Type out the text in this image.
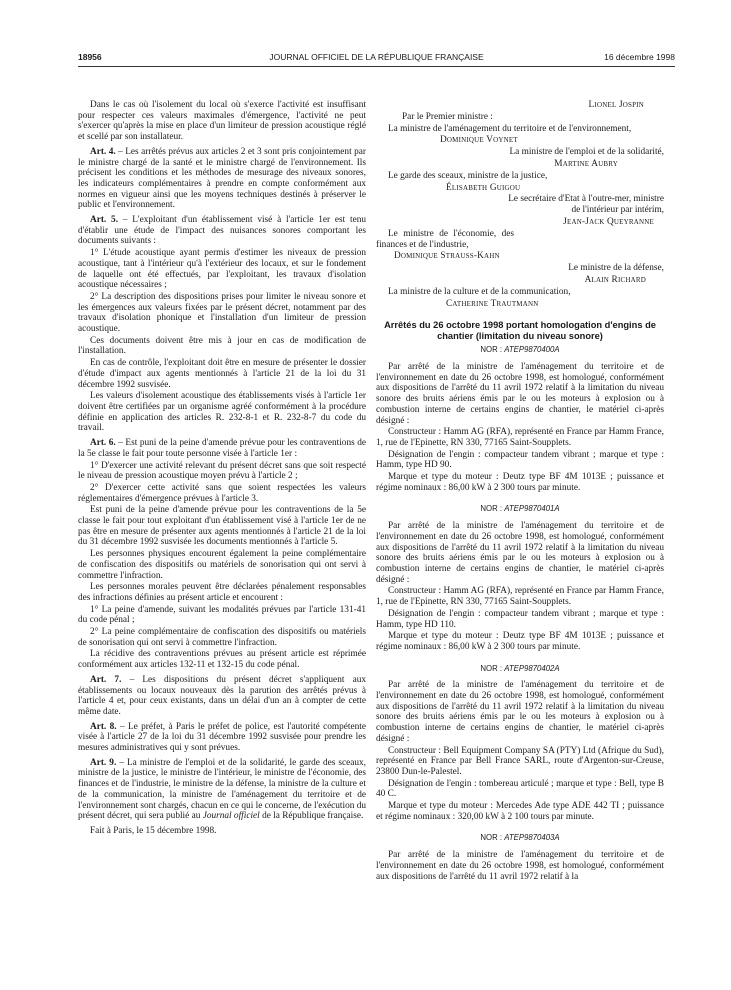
18956	JOURNAL OFFICIEL DE LA RÉPUBLIQUE FRANÇAISE	16 décembre 1998

Dans le cas où l'isolement du local où s'exerce l'activité est insuffisant pour respecter ces valeurs maximales d'émergence, l'activité ne peut s'exercer qu'après la mise en place d'un limiteur de pression acoustique réglé et scellé par son installateur.

Art. 4. – Les arrêtés prévus aux articles 2 et 3 sont pris conjointement par le ministre chargé de la santé et le ministre chargé de l'environnement. Ils précisent les conditions et les méthodes de mesurage des niveaux sonores, les indicateurs complémentaires à prendre en compte conformément aux normes en vigueur ainsi que les moyens techniques destinés à préserver le public et l'environnement.

Art. 5. – L'exploitant d'un établissement visé à l'article 1er est tenu d'établir une étude de l'impact des nuisances sonores comportant les documents suivants :

1° L'étude acoustique ayant permis d'estimer les niveaux de pression acoustique, tant à l'intérieur qu'à l'extérieur des locaux, et sur le fondement de laquelle ont été effectués, par l'exploitant, les travaux d'isolation acoustique nécessaires ;

2° La description des dispositions prises pour limiter le niveau sonore et les émergences aux valeurs fixées par le présent décret, notamment par des travaux d'isolation phonique et l'installation d'un limiteur de pression acoustique.

Ces documents doivent être mis à jour en cas de modification de l'installation.

En cas de contrôle, l'exploitant doit être en mesure de présenter le dossier d'étude d'impact aux agents mentionnés à l'article 21 de la loi du 31 décembre 1992 susvisée.

Les valeurs d'isolement acoustique des établissements visés à l'article 1er doivent être certifiées par un organisme agréé conformément à la procédure définie en application des articles R. 232-8-1 et R. 232-8-7 du code du travail.

Art. 6. – Est puni de la peine d'amende prévue pour les contraventions de la 5e classe le fait pour toute personne visée à l'article 1er :

1° D'exercer une activité relevant du présent décret sans que soit respecté le niveau de pression acoustique moyen prévu à l'article 2 ;

2° D'exercer cette activité sans que soient respectées les valeurs réglementaires d'émergence prévues à l'article 3.

Est puni de la peine d'amende prévue pour les contraventions de la 5e classe le fait pour tout exploitant d'un établissement visé à l'article 1er de ne pas être en mesure de présenter aux agents mentionnés à l'article 21 de la loi du 31 décembre 1992 susvisée les documents mentionnés à l'article 5.

Les personnes physiques encourent également la peine complémentaire de confiscation des dispositifs ou matériels de sonorisation qui ont servi à commettre l'infraction.

Les personnes morales peuvent être déclarées pénalement responsables des infractions définies au présent article et encourent :

1° La peine d'amende, suivant les modalités prévues par l'article 131-41 du code pénal ;

2° La peine complémentaire de confiscation des dispositifs ou matériels de sonorisation qui ont servi à commettre l'infraction.

La récidive des contraventions prévues au présent article est réprimée conformément aux articles 132-11 et 132-15 du code pénal.

Art. 7. – Les dispositions du présent décret s'appliquent aux établissements ou locaux nouveaux dès la parution des arrêtés prévus à l'article 4 et, pour ceux existants, dans un délai d'un an à compter de cette même date.

Art. 8. – Le préfet, à Paris le préfet de police, est l'autorité compétente visée à l'article 27 de la loi du 31 décembre 1992 susvisée pour prendre les mesures administratives qui y sont prévues.

Art. 9. – La ministre de l'emploi et de la solidarité, le garde des sceaux, ministre de la justice, le ministre de l'intérieur, le ministre de l'économie, des finances et de l'industrie, le ministre de la défense, la ministre de la culture et de la communication, la ministre de l'aménagement du territoire et de l'environnement sont chargés, chacun en ce qui le concerne, de l'exécution du présent décret, qui sera publié au Journal officiel de la République française.

Fait à Paris, le 15 décembre 1998.

Lionel Jospin

Par le Premier ministre :

La ministre de l'aménagement du territoire et de l'environnement,

Dominique Voynet

La ministre de l'emploi et de la solidarité,

Martine Aubry

Le garde des sceaux, ministre de la justice,

Élisabeth Guigou

Le secrétaire d'Etat à l'outre-mer, ministre de l'intérieur par intérim,

Jean-Jack Queyranne

Le ministre de l'économie, des finances et de l'industrie,

Dominique Strauss-Kahn

Le ministre de la défense,

Alain Richard

La ministre de la culture et de la communication,

Catherine Trautmann

Arrêtés du 26 octobre 1998 portant homologation d'engins de chantier (limitation du niveau sonore)
NOR : ATEP9870400A

Par arrêté de la ministre de l'aménagement du territoire et de l'environnement en date du 26 octobre 1998, est homologué, conformément aux dispositions de l'arrêté du 11 avril 1972 relatif à la limitation du niveau sonore des bruits aériens émis par le ou les moteurs à explosion ou à combustion interne de certains engins de chantier, le matériel ci-après désigné :

Constructeur : Hamm AG (RFA), représenté en France par Hamm France, 1, rue de l'Epinette, RN 330, 77165 Saint-Soupplets.

Désignation de l'engin : compacteur tandem vibrant ; marque et type : Hamm, type HD 90.

Marque et type du moteur : Deutz type BF 4M 1013E ; puissance et régime nominaux : 86,00 kW à 2 300 tours par minute.

NOR : ATEP9870401A

Par arrêté de la ministre de l'aménagement du territoire et de l'environnement en date du 26 octobre 1998, est homologué, conformément aux dispositions de l'arrêté du 11 avril 1972 relatif à la limitation du niveau sonore des bruits aériens émis par le ou les moteurs à explosion ou à combustion interne de certains engins de chantier, le matériel ci-après désigné :

Constructeur : Hamm AG (RFA), représenté en France par Hamm France, 1, rue de l'Epinette, RN 330, 77165 Saint-Soupplets.

Désignation de l'engin : compacteur tandem vibrant ; marque et type : Hamm, type HD 110.

Marque et type du moteur : Deutz type BF 4M 1013E ; puissance et régime nominaux : 86,00 kW à 2 300 tours par minute.

NOR : ATEP9870402A

Par arrêté de la ministre de l'aménagement du territoire et de l'environnement en date du 26 octobre 1998, est homologué, conformément aux dispositions de l'arrêté du 11 avril 1972 relatif à la limitation du niveau sonore des bruits aériens émis par le ou les moteurs à explosion ou à combustion interne de certains engins de chantier, le matériel ci-après désigné :

Constructeur : Bell Equipment Company SA (PTY) Ltd (Afrique du Sud), représenté en France par Bell France SARL, route d'Argenton-sur-Creuse, 23800 Dun-le-Palestel.

Désignation de l'engin : tombereau articulé ; marque et type : Bell, type B 40 C.

Marque et type du moteur : Mercedes Ade type ADE 442 TI ; puissance et régime nominaux : 320,00 kW à 2 100 tours par minute.

NOR : ATEP9870403A

Par arrêté de la ministre de l'aménagement du territoire et de l'environnement en date du 26 octobre 1998, est homologué, conformément aux dispositions de l'arrêté du 11 avril 1972 relatif à la
